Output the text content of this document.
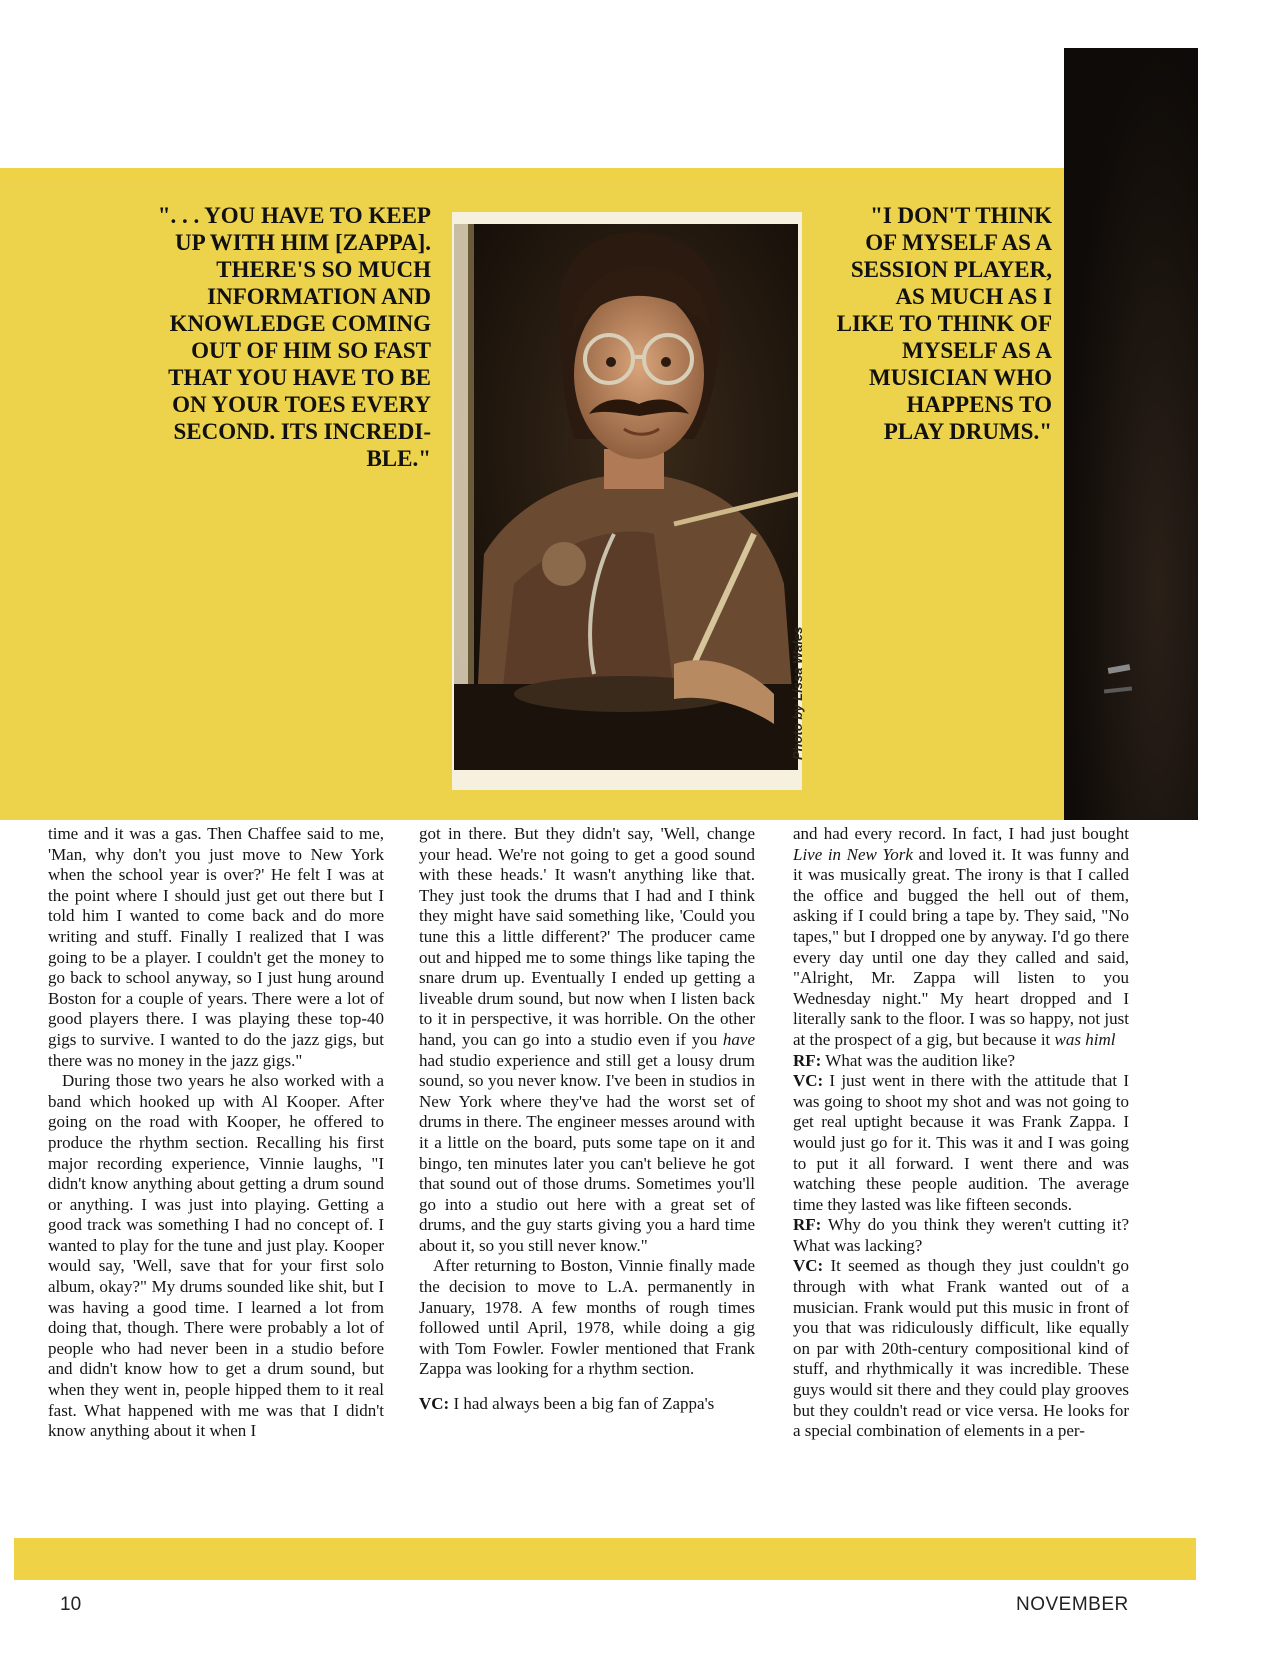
". . . YOU HAVE TO KEEP
UP WITH HIM [ZAPPA].
THERE'S SO MUCH
INFORMATION AND
KNOWLEDGE COMING
OUT OF HIM SO FAST
THAT YOU HAVE TO BE
ON YOUR TOES EVERY
SECOND. ITS INCREDI-
BLE."
"I DON'T THINK
OF MYSELF AS A
SESSION PLAYER,
AS MUCH AS I
LIKE TO THINK OF
MYSELF AS A
MUSICIAN WHO
HAPPENS TO
PLAY DRUMS."
Photo by Lissa Wales

time and it was a gas. Then Chaffee said to me, 'Man, why don't you just move to New York when the school year is over?' He felt I was at the point where I should just get out there but I told him I wanted to come back and do more writing and stuff. Finally I realized that I was going to be a player. I couldn't get the money to go back to school anyway, so I just hung around Boston for a couple of years. There were a lot of good players there. I was playing these top-40 gigs to survive. I wanted to do the jazz gigs, but there was no money in the jazz gigs."

During those two years he also worked with a band which hooked up with Al Kooper. After going on the road with Kooper, he offered to produce the rhythm section. Recalling his first major recording experience, Vinnie laughs, "I didn't know anything about getting a drum sound or anything. I was just into playing. Getting a good track was something I had no concept of. I wanted to play for the tune and just play. Kooper would say, 'Well, save that for your first solo album, okay?" My drums sounded like shit, but I was having a good time. I learned a lot from doing that, though. There were probably a lot of people who had never been in a studio before and didn't know how to get a drum sound, but when they went in, people hipped them to it real fast. What happened with me was that I didn't know anything about it when I

got in there. But they didn't say, 'Well, change your head. We're not going to get a good sound with these heads.' It wasn't anything like that. They just took the drums that I had and I think they might have said something like, 'Could you tune this a little different?' The producer came out and hipped me to some things like taping the snare drum up. Eventually I ended up getting a liveable drum sound, but now when I listen back to it in perspective, it was horrible. On the other hand, you can go into a studio even if you have had studio experience and still get a lousy drum sound, so you never know. I've been in studios in New York where they've had the worst set of drums in there. The engineer messes around with it a little on the board, puts some tape on it and bingo, ten minutes later you can't believe he got that sound out of those drums. Sometimes you'll go into a studio out here with a great set of drums, and the guy starts giving you a hard time about it, so you still never know."

After returning to Boston, Vinnie finally made the decision to move to L.A. permanently in January, 1978. A few months of rough times followed until April, 1978, while doing a gig with Tom Fowler. Fowler mentioned that Frank Zappa was looking for a rhythm section.

VC: I had always been a big fan of Zappa's

and had every record. In fact, I had just bought Live in New York and loved it. It was funny and it was musically great. The irony is that I called the office and bugged the hell out of them, asking if I could bring a tape by. They said, "No tapes," but I dropped one by anyway. I'd go there every day until one day they called and said, "Alright, Mr. Zappa will listen to you Wednesday night." My heart dropped and I literally sank to the floor. I was so happy, not just at the prospect of a gig, but because it was himl

RF: What was the audition like?

VC: I just went in there with the attitude that I was going to shoot my shot and was not going to get real uptight because it was Frank Zappa. I would just go for it. This was it and I was going to put it all forward. I went there and was watching these people audition. The average time they lasted was like fifteen seconds.

RF: Why do you think they weren't cutting it? What was lacking?

VC: It seemed as though they just couldn't go through with what Frank wanted out of a musician. Frank would put this music in front of you that was ridiculously difficult, like equally on par with 20th-century compositional kind of stuff, and rhythmically it was incredible. These guys would sit there and they could play grooves but they couldn't read or vice versa. He looks for a special combination of elements in a per-

10	NOVEMBER
